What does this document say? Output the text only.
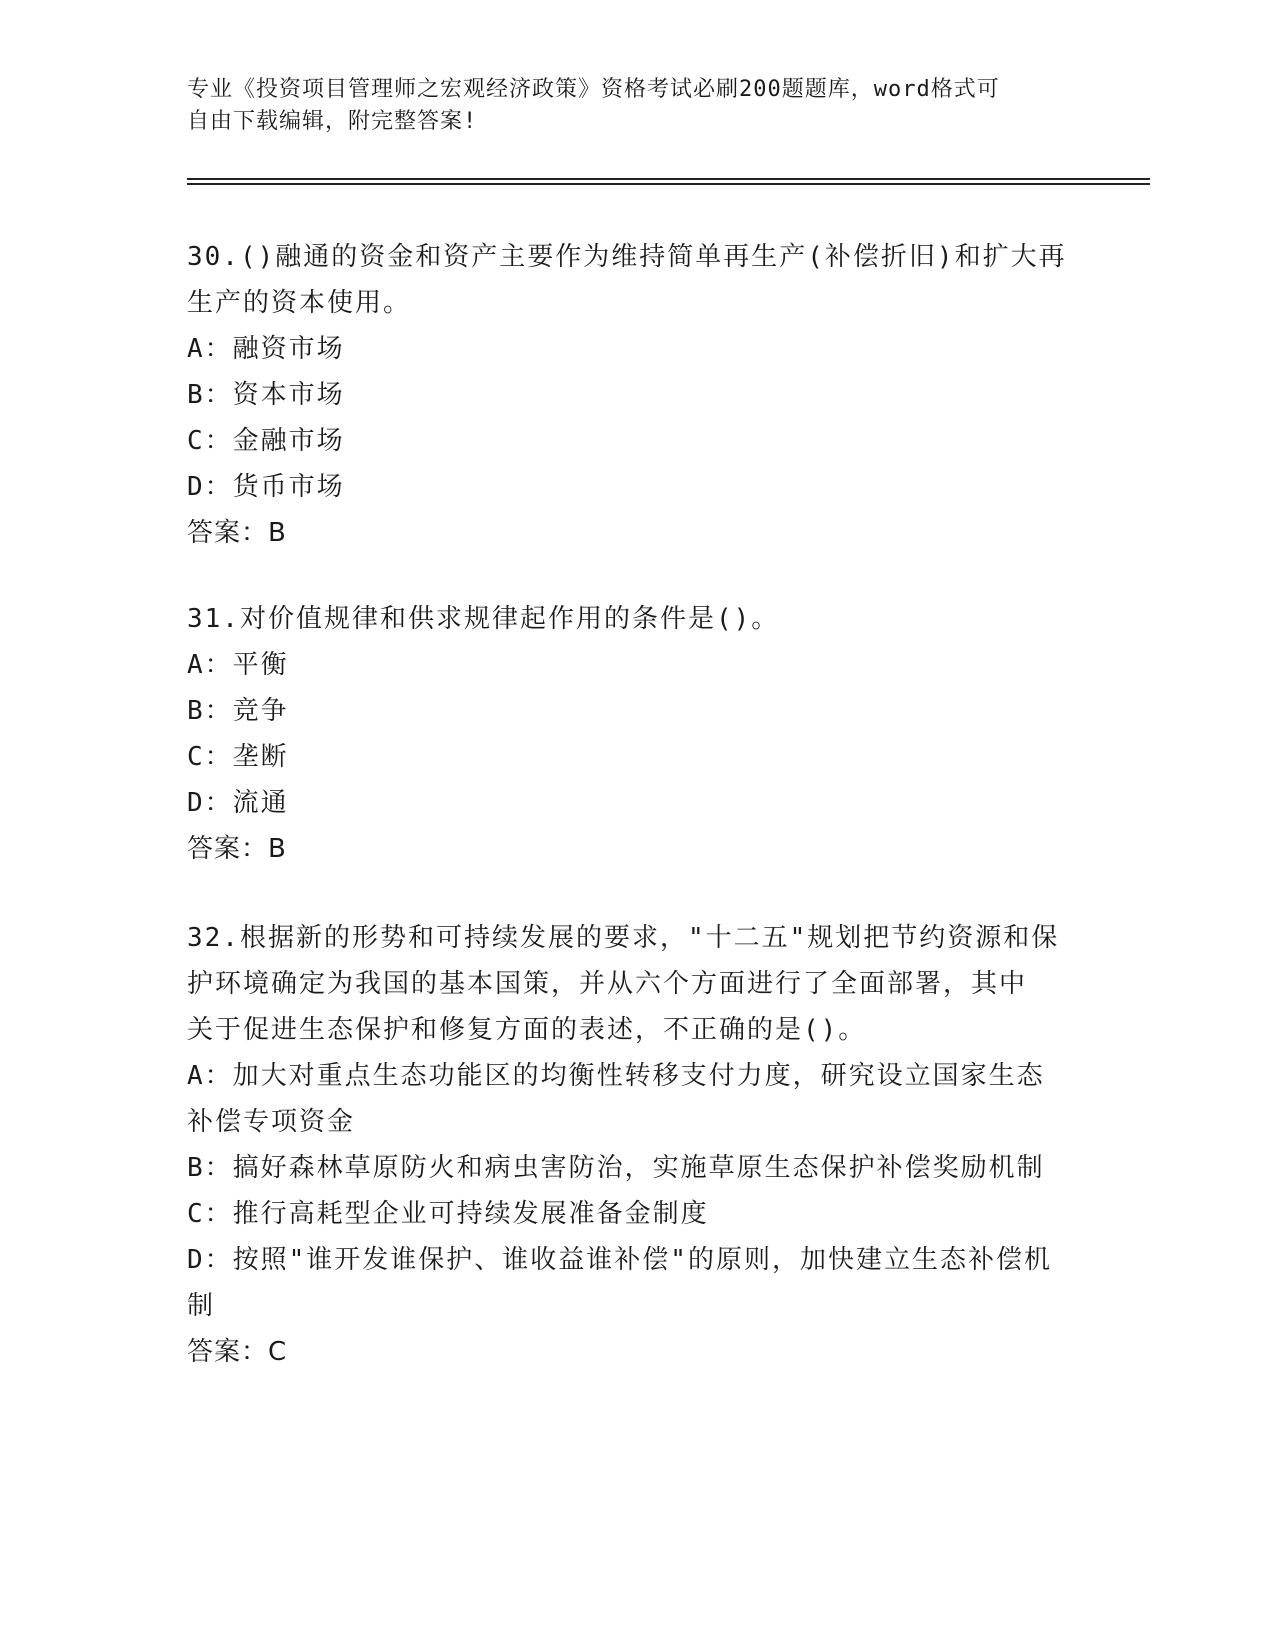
专业《投资项目管理师之宏观经济政策》资格考试必刷200题题库，word格式可
自由下载编辑，附完整答案!
30.()融通的资金和资产主要作为维持简单再生产(补偿折旧)和扩大再
生产的资本使用。
A：融资市场
B：资本市场
C：金融市场
D：货币市场
答案：B
31.对价值规律和供求规律起作用的条件是()。
A：平衡
B：竞争
C：垄断
D：流通
答案：B
32.根据新的形势和可持续发展的要求，"十二五"规划把节约资源和保
护环境确定为我国的基本国策，并从六个方面进行了全面部署，其中
关于促进生态保护和修复方面的表述，不正确的是()。
A：加大对重点生态功能区的均衡性转移支付力度，研究设立国家生态
补偿专项资金
B：搞好森林草原防火和病虫害防治，实施草原生态保护补偿奖励机制
C：推行高耗型企业可持续发展准备金制度
D：按照"谁开发谁保护、谁收益谁补偿"的原则，加快建立生态补偿机
制
答案：C
